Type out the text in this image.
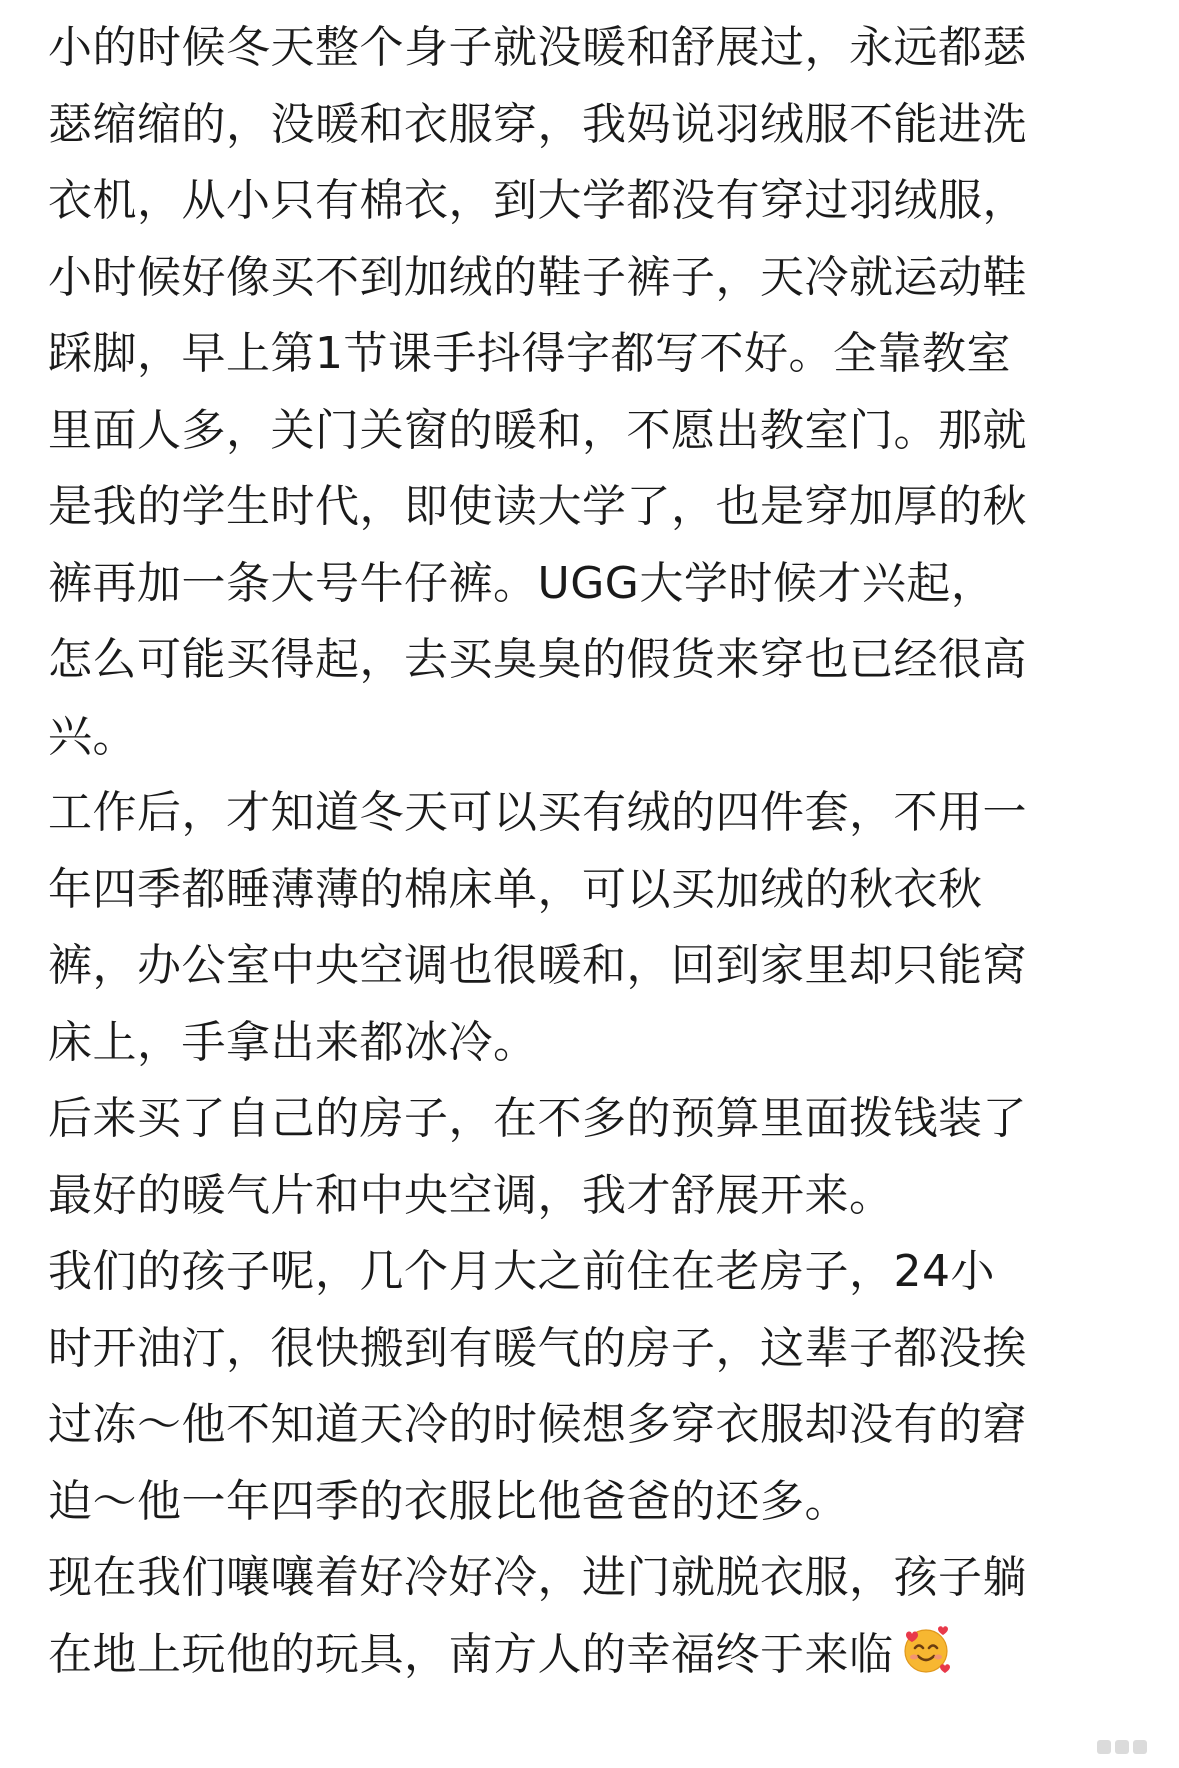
小的时候冬天整个身子就没暖和舒展过，永远都瑟
瑟缩缩的，没暖和衣服穿，我妈说羽绒服不能进洗
衣机，从小只有棉衣，到大学都没有穿过羽绒服，
小时候好像买不到加绒的鞋子裤子，天冷就运动鞋
踩脚，早上第1节课手抖得字都写不好。全靠教室
里面人多，关门关窗的暖和，不愿出教室门。那就
是我的学生时代，即使读大学了，也是穿加厚的秋
裤再加一条大号牛仔裤。UGG大学时候才兴起，
怎么可能买得起，去买臭臭的假货来穿也已经很高
兴。
工作后，才知道冬天可以买有绒的四件套，不用一
年四季都睡薄薄的棉床单，可以买加绒的秋衣秋
裤，办公室中央空调也很暖和，回到家里却只能窝
床上，手拿出来都冰冷。
后来买了自己的房子，在不多的预算里面拨钱装了
最好的暖气片和中央空调，我才舒展开来。
我们的孩子呢，几个月大之前住在老房子，24小
时开油汀，很快搬到有暖气的房子，这辈子都没挨
过冻～他不知道天冷的时候想多穿衣服却没有的窘
迫～他一年四季的衣服比他爸爸的还多。
现在我们嚷嚷着好冷好冷，进门就脱衣服，孩子躺
在地上玩他的玩具，南方人的幸福终于来临
